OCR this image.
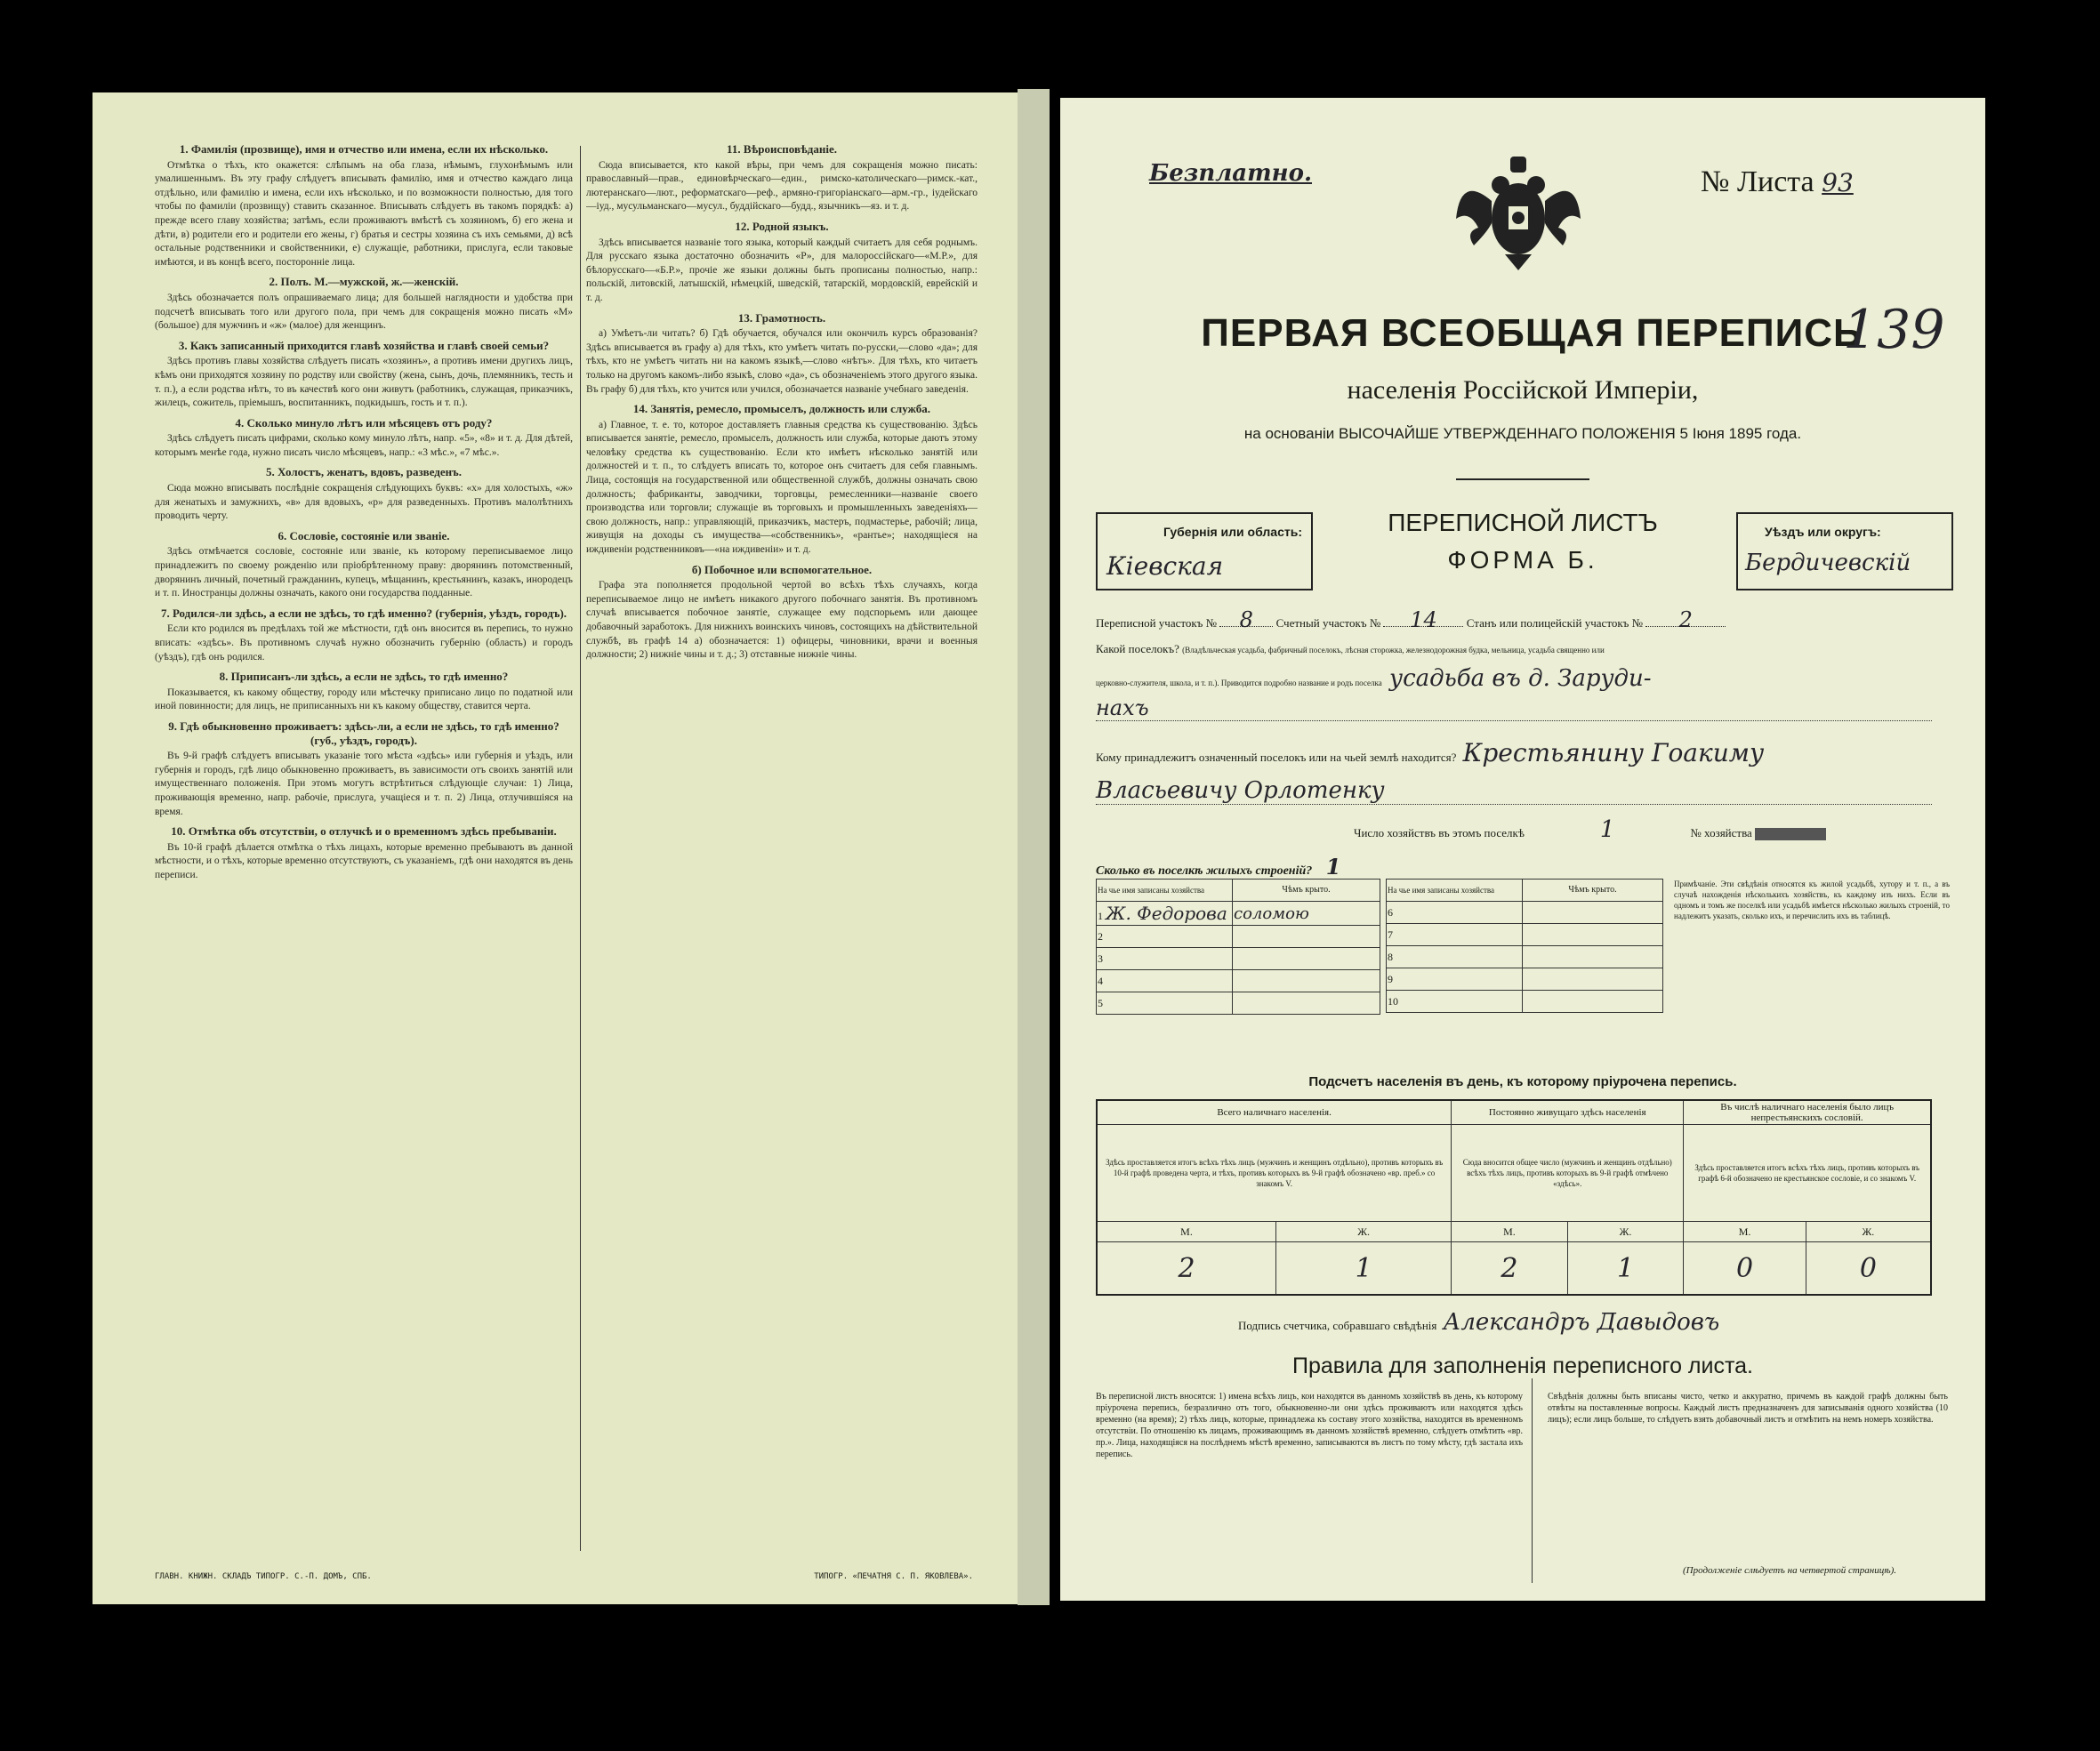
1. Фамилія (прозвище), имя и отчество или имена, если их нѣсколько.

Отмѣтка о тѣхъ, кто окажется: слѣпымъ на оба глаза, нѣмымъ, глухонѣмымъ или умалишеннымъ. Въ эту графу слѣдуетъ вписывать фамилію, имя и отчество каждаго лица отдѣльно, или фамилію и имена, если ихъ нѣсколько, и по возможности полностью, для того чтобы по фамиліи (прозвищу) ставить сказанное. Вписывать слѣдуетъ въ такомъ порядкѣ: а) прежде всего главу хозяйства; затѣмъ, если проживаютъ вмѣстѣ съ хозяиномъ, б) его жена и дѣти, в) родители его и родители его жены, г) братья и сестры хозяина съ ихъ семьями, д) всѣ остальные родственники и свойственники, е) служащіе, работники, прислуга, если таковые имѣются, и въ концѣ всего, посторонніе лица.

2. Полъ. М.—мужской, ж.—женскій.

Здѣсь обозначается полъ опрашиваемаго лица; для большей наглядности и удобства при подсчетѣ вписывать того или другого пола, при чемъ для сокращенія можно писать «М» (большое) для мужчинъ и «ж» (малое) для женщинъ.

3. Какъ записанный приходится главѣ хозяйства и главѣ своей семьи?

Здѣсь противъ главы хозяйства слѣдуетъ писать «хозяинъ», а противъ имени другихъ лицъ, кѣмъ они приходятся хозяину по родству или свойству (жена, сынъ, дочь, племянникъ, тесть и т. п.), а если родства нѣтъ, то въ качествѣ кого они живутъ (работникъ, служащая, приказчикъ, жилецъ, сожитель, пріемышъ, воспитанникъ, подкидышъ, гость и т. п.).

4. Сколько минуло лѣтъ или мѣсяцевъ отъ роду?

Здѣсь слѣдуетъ писать цифрами, сколько кому минуло лѣтъ, напр. «5», «8» и т. д. Для дѣтей, которымъ менѣе года, нужно писать число мѣсяцевъ, напр.: «3 мѣс.», «7 мѣс.».

5. Холостъ, женатъ, вдовъ, разведенъ.

Сюда можно вписывать послѣдніе сокращенія слѣдующихъ буквъ: «х» для холостыхъ, «ж» для женатыхъ и замужнихъ, «в» для вдовыхъ, «р» для разведенныхъ. Противъ малолѣтнихъ проводить черту.

6. Сословіе, состояніе или званіе.

Здѣсь отмѣчается сословіе, состояніе или званіе, къ которому переписываемое лицо принадлежитъ по своему рожденію или пріобрѣтенному праву: дворянинъ потомственный, дворянинъ личный, почетный гражданинъ, купецъ, мѣщанинъ, крестьянинъ, казакъ, инородецъ и т. п. Иностранцы должны означать, какого они государства подданные.

7. Родился-ли здѣсь, а если не здѣсь, то гдѣ именно? (губернія, уѣздъ, городъ).

Если кто родился въ предѣлахъ той же мѣстности, гдѣ онъ вносится въ перепись, то нужно вписать: «здѣсь». Въ противномъ случаѣ нужно обозначить губернію (область) и городъ (уѣздъ), гдѣ онъ родился.

8. Приписанъ-ли здѣсь, а если не здѣсь, то гдѣ именно?

Показывается, къ какому обществу, городу или мѣстечку приписано лицо по податной или иной повинности; для лицъ, не приписанныхъ ни къ какому обществу, ставится черта.

9. Гдѣ обыкновенно проживаетъ: здѣсь-ли, а если не здѣсь, то гдѣ именно? (губ., уѣздъ, городъ).

Въ 9-й графѣ слѣдуетъ вписывать указаніе того мѣста «здѣсь» или губернія и уѣздъ, или губернія и городъ, гдѣ лицо обыкновенно проживаетъ, въ зависимости отъ своихъ занятій или имущественнаго положенія. При этомъ могутъ встрѣтиться слѣдующіе случаи: 1) Лица, проживающія временно, напр. рабочіе, прислуга, учащіеся и т. п. 2) Лица, отлучившіяся на время.

10. Отмѣтка объ отсутствіи, о отлучкѣ и о временномъ здѣсь пребываніи.

Въ 10-й графѣ дѣлается отмѣтка о тѣхъ лицахъ, которые временно пребываютъ въ данной мѣстности, и о тѣхъ, которые временно отсутствуютъ, съ указаніемъ, гдѣ они находятся въ день переписи.

11. Вѣроисповѣданіе.

Сюда вписывается, кто какой вѣры, при чемъ для сокращенія можно писать: православный—прав., единовѣрческаго—един., римско-католическаго—римск.-кат., лютеранскаго—лют., реформатскаго—реф., армяно-григоріанскаго—арм.-гр., іудейскаго—іуд., мусульманскаго—мусул., буддійскаго—будд., язычникъ—яз. и т. д.

12. Родной языкъ.

Здѣсь вписывается названіе того языка, который каждый считаетъ для себя роднымъ. Для русскаго языка достаточно обозначить «Р», для малороссійскаго—«М.Р.», для бѣлорусскаго—«Б.Р.», прочіе же языки должны быть прописаны полностью, напр.: польскій, литовскій, латышскій, нѣмецкій, шведскій, татарскій, мордовскій, еврейскій и т. д.

13. Грамотность.

а) Умѣетъ-ли читать? б) Гдѣ обучается, обучался или окончилъ курсъ образованія? Здѣсь вписывается въ графу а) для тѣхъ, кто умѣетъ читать по-русски,—слово «да»; для тѣхъ, кто не умѣетъ читать ни на какомъ языкѣ,—слово «нѣтъ». Для тѣхъ, кто читаетъ только на другомъ какомъ-либо языкѣ, слово «да», съ обозначеніемъ этого другого языка. Въ графу б) для тѣхъ, кто учится или учился, обозначается названіе учебнаго заведенія.

14. Занятія, ремесло, промыселъ, должность или служба.

а) Главное, т. е. то, которое доставляетъ главныя средства къ существованію. Здѣсь вписывается занятіе, ремесло, промыселъ, должность или служба, которые даютъ этому человѣку средства къ существованію. Если кто имѣетъ нѣсколько занятій или должностей и т. п., то слѣдуетъ вписать то, которое онъ считаетъ для себя главнымъ. Лица, состоящія на государственной или общественной службѣ, должны означать свою должность; фабриканты, заводчики, торговцы, ремесленники—названіе своего производства или торговли; служащіе въ торговыхъ и промышленныхъ заведеніяхъ—свою должность, напр.: управляющій, приказчикъ, мастеръ, подмастерье, рабочій; лица, живущія на доходы съ имущества—«собственникъ», «рантье»; находящіеся на иждивеніи родственниковъ—«на иждивеніи» и т. д.

б) Побочное или вспомогательное.

Графа эта пополняется продольной чертой во всѣхъ тѣхъ случаяхъ, когда переписываемое лицо не имѣетъ никакого другого побочнаго занятія. Въ противномъ случаѣ вписывается побочное занятіе, служащее ему подспорьемъ или дающее добавочный заработокъ. Для нижнихъ воинскихъ чиновъ, состоящихъ на дѣйствительной службѣ, въ графѣ 14 а) обозначается: 1) офицеры, чиновники, врачи и военныя должности; 2) нижніе чины и т. д.; 3) отставные нижніе чины.

ГЛАВН. КНИЖН. СКЛАДЪ ТИПОГР. С.-П. ДОМЪ, СПБ.	ТИПОГР. «ПЕЧАТНЯ С. П. ЯКОВЛЕВА».
Безплатно.	№ Листа 93
ПЕРВАЯ ВСЕОБЩАЯ ПЕРЕПИСЬ
139
населенія Россійской Имперіи,
на основаніи ВЫСОЧАЙШЕ УТВЕРЖДЕННАГО ПОЛОЖЕНІЯ 5 Іюня 1895 года.
Губернія или область:
Кіевская
ПЕРЕПИСНОЙ ЛИСТЪ
ФОРМА Б.
Уѣздъ или округъ:
Бердичевскій
Переписной участокъ № 8 Счетный участокъ № 14	Станъ или полицейскій участокъ № 2
Какой поселокъ? (Владѣльческая усадьба, фабричный поселокъ, лѣсная сторожка, железнодорожная будка, мельница, усадьба священно или
церковно-служителя, школа, и т. п.). Приводится подробно название и родъ поселка усадьба въ д. Заруди-
нахъ
Кому принадлежитъ означенный поселокъ или на чьей землѣ находится? Крестьянину Гоакиму
Власьевичу Орлотенку
Число хозяйствъ въ этомъ поселкѣ	1	№ хозяйства
Сколько въ поселкѣ жилыхъ строеній? 1
На чье имя записаны хозяйства	Чѣмъ крыто.
1 Ж. Федорова	соломою
2	
3	
4	
5	
На чье имя записаны хозяйства	Чѣмъ крыто.
6	
7	
8	
9	
10	
Примѣчаніе. Эти свѣдѣнія относятся къ жилой усадьбѣ, хутору и т. п., а въ случаѣ нахожденія нѣсколькихъ хозяйствъ, къ каждому изъ нихъ. Если въ одномъ и томъ же поселкѣ или усадьбѣ имѣется нѣсколько жилыхъ строеній, то надлежитъ указать, сколько ихъ, и перечислить ихъ въ таблицѣ.
Подсчетъ населенія въ день, къ которому пріурочена перепись.
Всего наличнаго населенія.		Постоянно живущаго здѣсь населенія		Въ числѣ наличнаго населенія было лицъ непрестьянскихъ сословій.	
Здѣсь проставляется итогъ всѣхъ тѣхъ лицъ (мужчинъ и женщинъ отдѣльно), противъ которыхъ въ 10-й графѣ проведена черта, и тѣхъ, противъ которыхъ въ 9-й графѣ обозначено «вр. преб.» со знакомъ V.		Сюда вносится общее число (мужчинъ и женщинъ отдѣльно) всѣхъ тѣхъ лицъ, противъ которыхъ въ 9-й графѣ отмѣчено «здѣсь».		Здѣсь проставляется итогъ всѣхъ тѣхъ лицъ, противъ которыхъ въ графѣ 6-й обозначено не крестьянское сословіе, и со знакомъ V.	
М.	Ж.	М.	Ж.	М.	Ж.
2	1	2	1	0	0
Подпись счетчика, собравшаго свѣдѣнія Александръ Давыдовъ
Правила для заполненія переписного листа.
Въ переписной листъ вносятся: 1) имена всѣхъ лицъ, кои находятся въ данномъ хозяйствѣ въ день, къ которому пріурочена перепись, безразлично отъ того, обыкновенно-ли они здѣсь проживаютъ или находятся здѣсь временно (на время); 2) тѣхъ лицъ, которые, принадлежа къ составу этого хозяйства, находятся въ временномъ отсутствіи. По отношенію къ лицамъ, проживающимъ въ данномъ хозяйствѣ временно, слѣдуетъ отмѣтить «вр. пр.». Лица, находящіяся на послѣднемъ мѣстѣ временно, записываются въ листъ по тому мѣсту, гдѣ застала ихъ перепись.
Свѣдѣнія должны быть вписаны чисто, четко и аккуратно, причемъ въ каждой графѣ должны быть отвѣты на поставленные вопросы. Каждый листъ предназначенъ для записыванія одного хозяйства (10 лицъ); если лицъ больше, то слѣдуетъ взять добавочный листъ и отмѣтить на немъ номеръ хозяйства.
(Продолженіе слѣдуетъ на четвертой страницѣ).
